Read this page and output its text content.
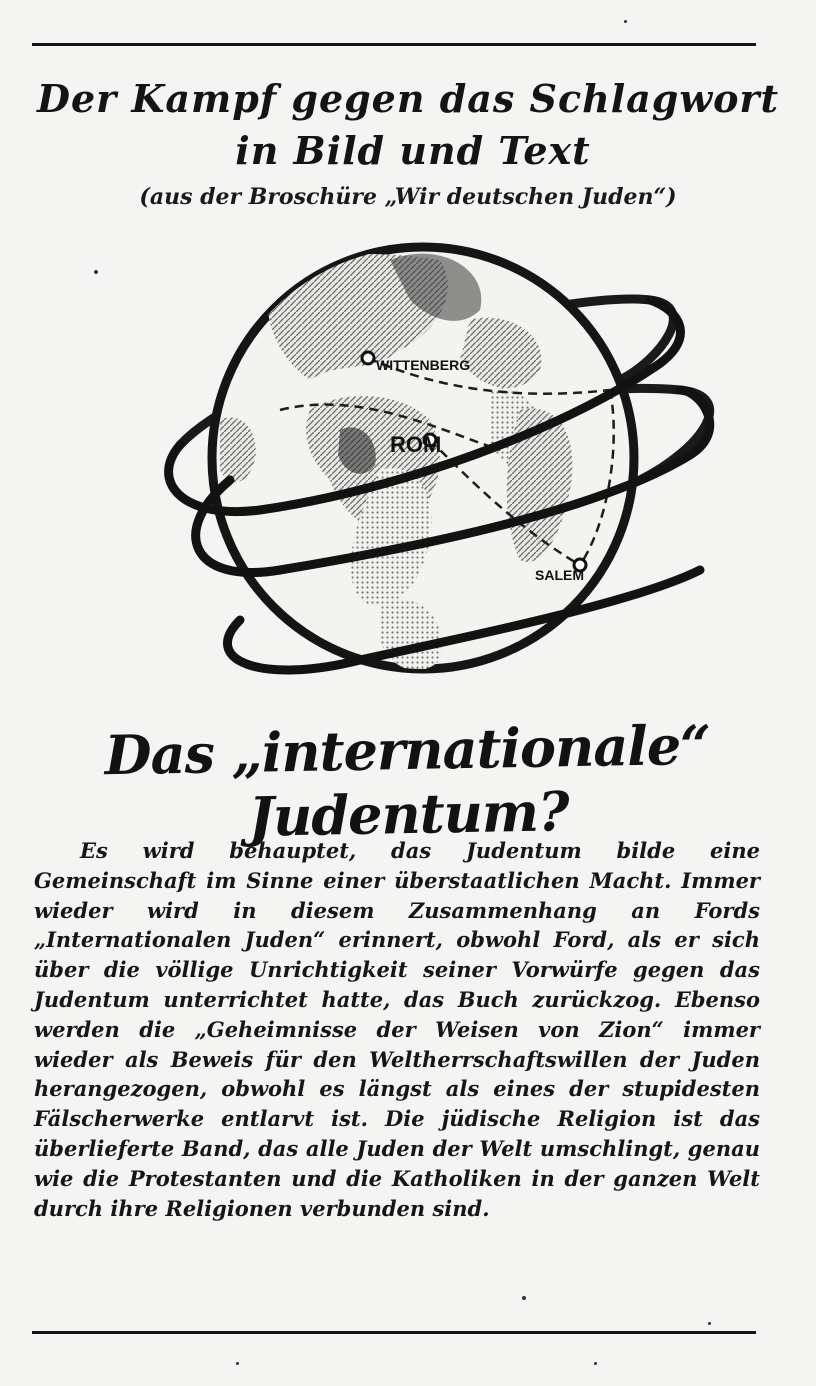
Der Kampf gegen das Schlagwort
in Bild und Text
(aus der Broschüre „Wir deutschen Juden“)
WITTENBERG
ROM
SALEM
Das „internationale“ Judentum?
Es wird behauptet, das Judentum bilde eine Gemeinschaft im Sinne einer überstaatlichen Macht. Immer wieder wird in diesem Zusammenhang an Fords „Internationalen Juden“ erinnert, obwohl Ford, als er sich über die völlige Unrichtigkeit seiner Vorwürfe gegen das Judentum unterrichtet hatte, das Buch zurückzog. Ebenso werden die „Geheimnisse der Weisen von Zion“ immer wieder als Beweis für den Weltherrschaftswillen der Juden herangezogen, obwohl es längst als eines der stupidesten Fälscherwerke entlarvt ist. Die jüdische Religion ist das überlieferte Band, das alle Juden der Welt umschlingt, genau wie die Protestanten und die Katholiken in der ganzen Welt durch ihre Religionen verbunden sind.
